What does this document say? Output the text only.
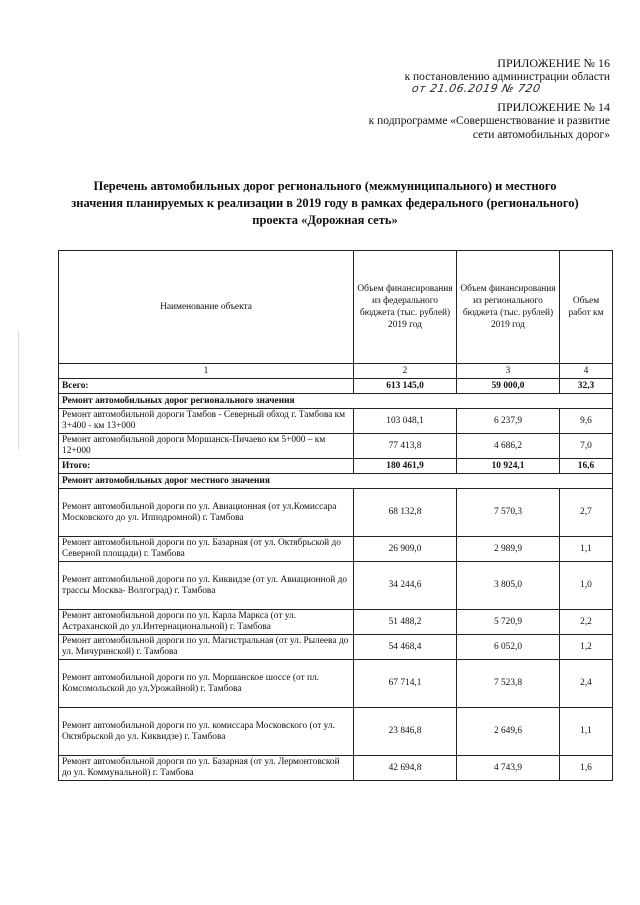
ПРИЛОЖЕНИЕ № 16
к постановлению администрации области
от 21.06.2019 № 720
ПРИЛОЖЕНИЕ № 14
к подпрограмме «Совершенствование и развитие
сети автомобильных дорог»
Перечень автомобильных дорог регионального (межмуниципального) и местного значения планируемых к реализации в 2019 году в рамках федерального (регионального) проекта «Дорожная сеть»
Наименование объекта	Объем финансирования из федерального бюджета (тыс. рублей) 2019 год	Объем финансирования из регионального бюджета (тыс. рублей) 2019 год	Объем работ км
1	2	3	4
Всего:	613 145,0	59 000,0	32,3
Ремонт автомобильных дорог регионального значения			
Ремонт автомобильной дороги Тамбов - Северный обход г. Тамбова км 3+400 - км 13+000	103 048,1	6 237,9	9,6
Ремонт автомобильной дороги Моршанск-Пичаево км 5+000 – км 12+000	77 413,8	4 686,2	7,0
Итого:	180 461,9	10 924,1	16,6
Ремонт автомобильных дорог местного значения			
Ремонт автомобильной дороги по ул. Авиационная (от ул.Комиссара Московского до ул. Ипподромной) г. Тамбова	68 132,8	7 570,3	2,7
Ремонт автомобильной дороги по ул. Базарная (от ул. Октябрьской до Северной площади) г. Тамбова	26 909,0	2 989,9	1,1
Ремонт автомобильной дороги по ул. Киквидзе (от ул. Авиационной до трассы Москва- Волгоград) г. Тамбова	34 244,6	3 805,0	1,0
Ремонт автомобильной дороги по ул. Карла Маркса (от ул. Астраханской до ул.Интернациональной) г. Тамбова	51 488,2	5 720,9	2,2
Ремонт автомобильной дороги по ул. Магистральная (от ул. Рылеева до ул. Мичуринской) г. Тамбова	54 468,4	6 052,0	1,2
Ремонт автомобильной дороги по ул. Моршанское шоссе (от пл. Комсомольской до ул.Урожайной) г. Тамбова	67 714,1	7 523,8	2,4
Ремонт автомобильной дороги по ул. комиссара Московского (от ул. Октябрьской до ул. Киквидзе) г. Тамбова	23 846,8	2 649,6	1,1
Ремонт автомобильной дороги по ул. Базарная (от ул. Лермонтовской до ул. Коммунальной) г. Тамбова	42 694,8	4 743,9	1,6
